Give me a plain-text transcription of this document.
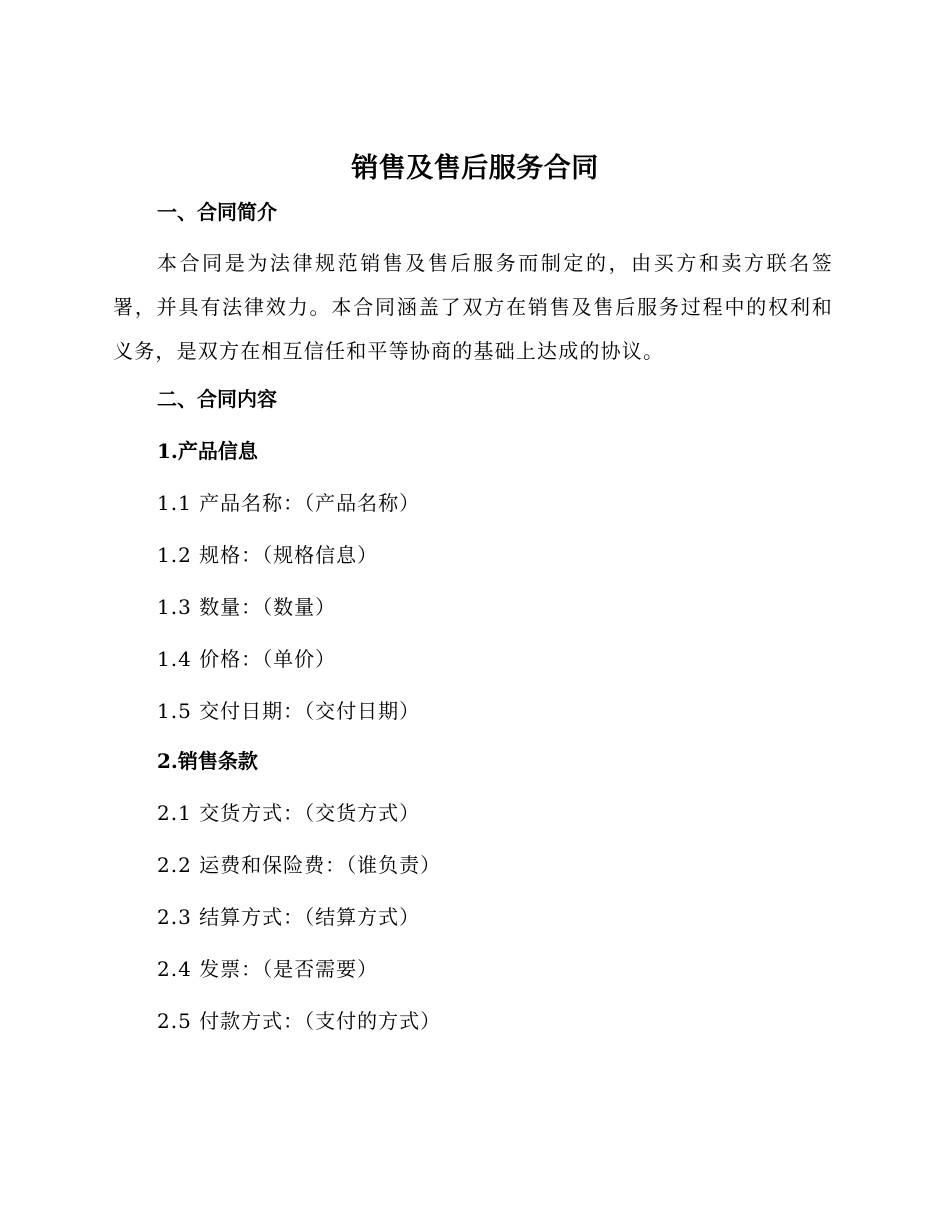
销售及售后服务合同
一、合同简介
本合同是为法律规范销售及售后服务而制定的，由买方和卖方联名签署，并具有法律效力。本合同涵盖了双方在销售及售后服务过程中的权利和义务，是双方在相互信任和平等协商的基础上达成的协议。
二、合同内容
1.产品信息
1.1 产品名称：（产品名称）
1.2 规格：（规格信息）
1.3 数量：（数量）
1.4 价格：（单价）
1.5 交付日期：（交付日期）
2.销售条款
2.1 交货方式：（交货方式）
2.2 运费和保险费：（谁负责）
2.3 结算方式：（结算方式）
2.4 发票：（是否需要）
2.5 付款方式：（支付的方式）
